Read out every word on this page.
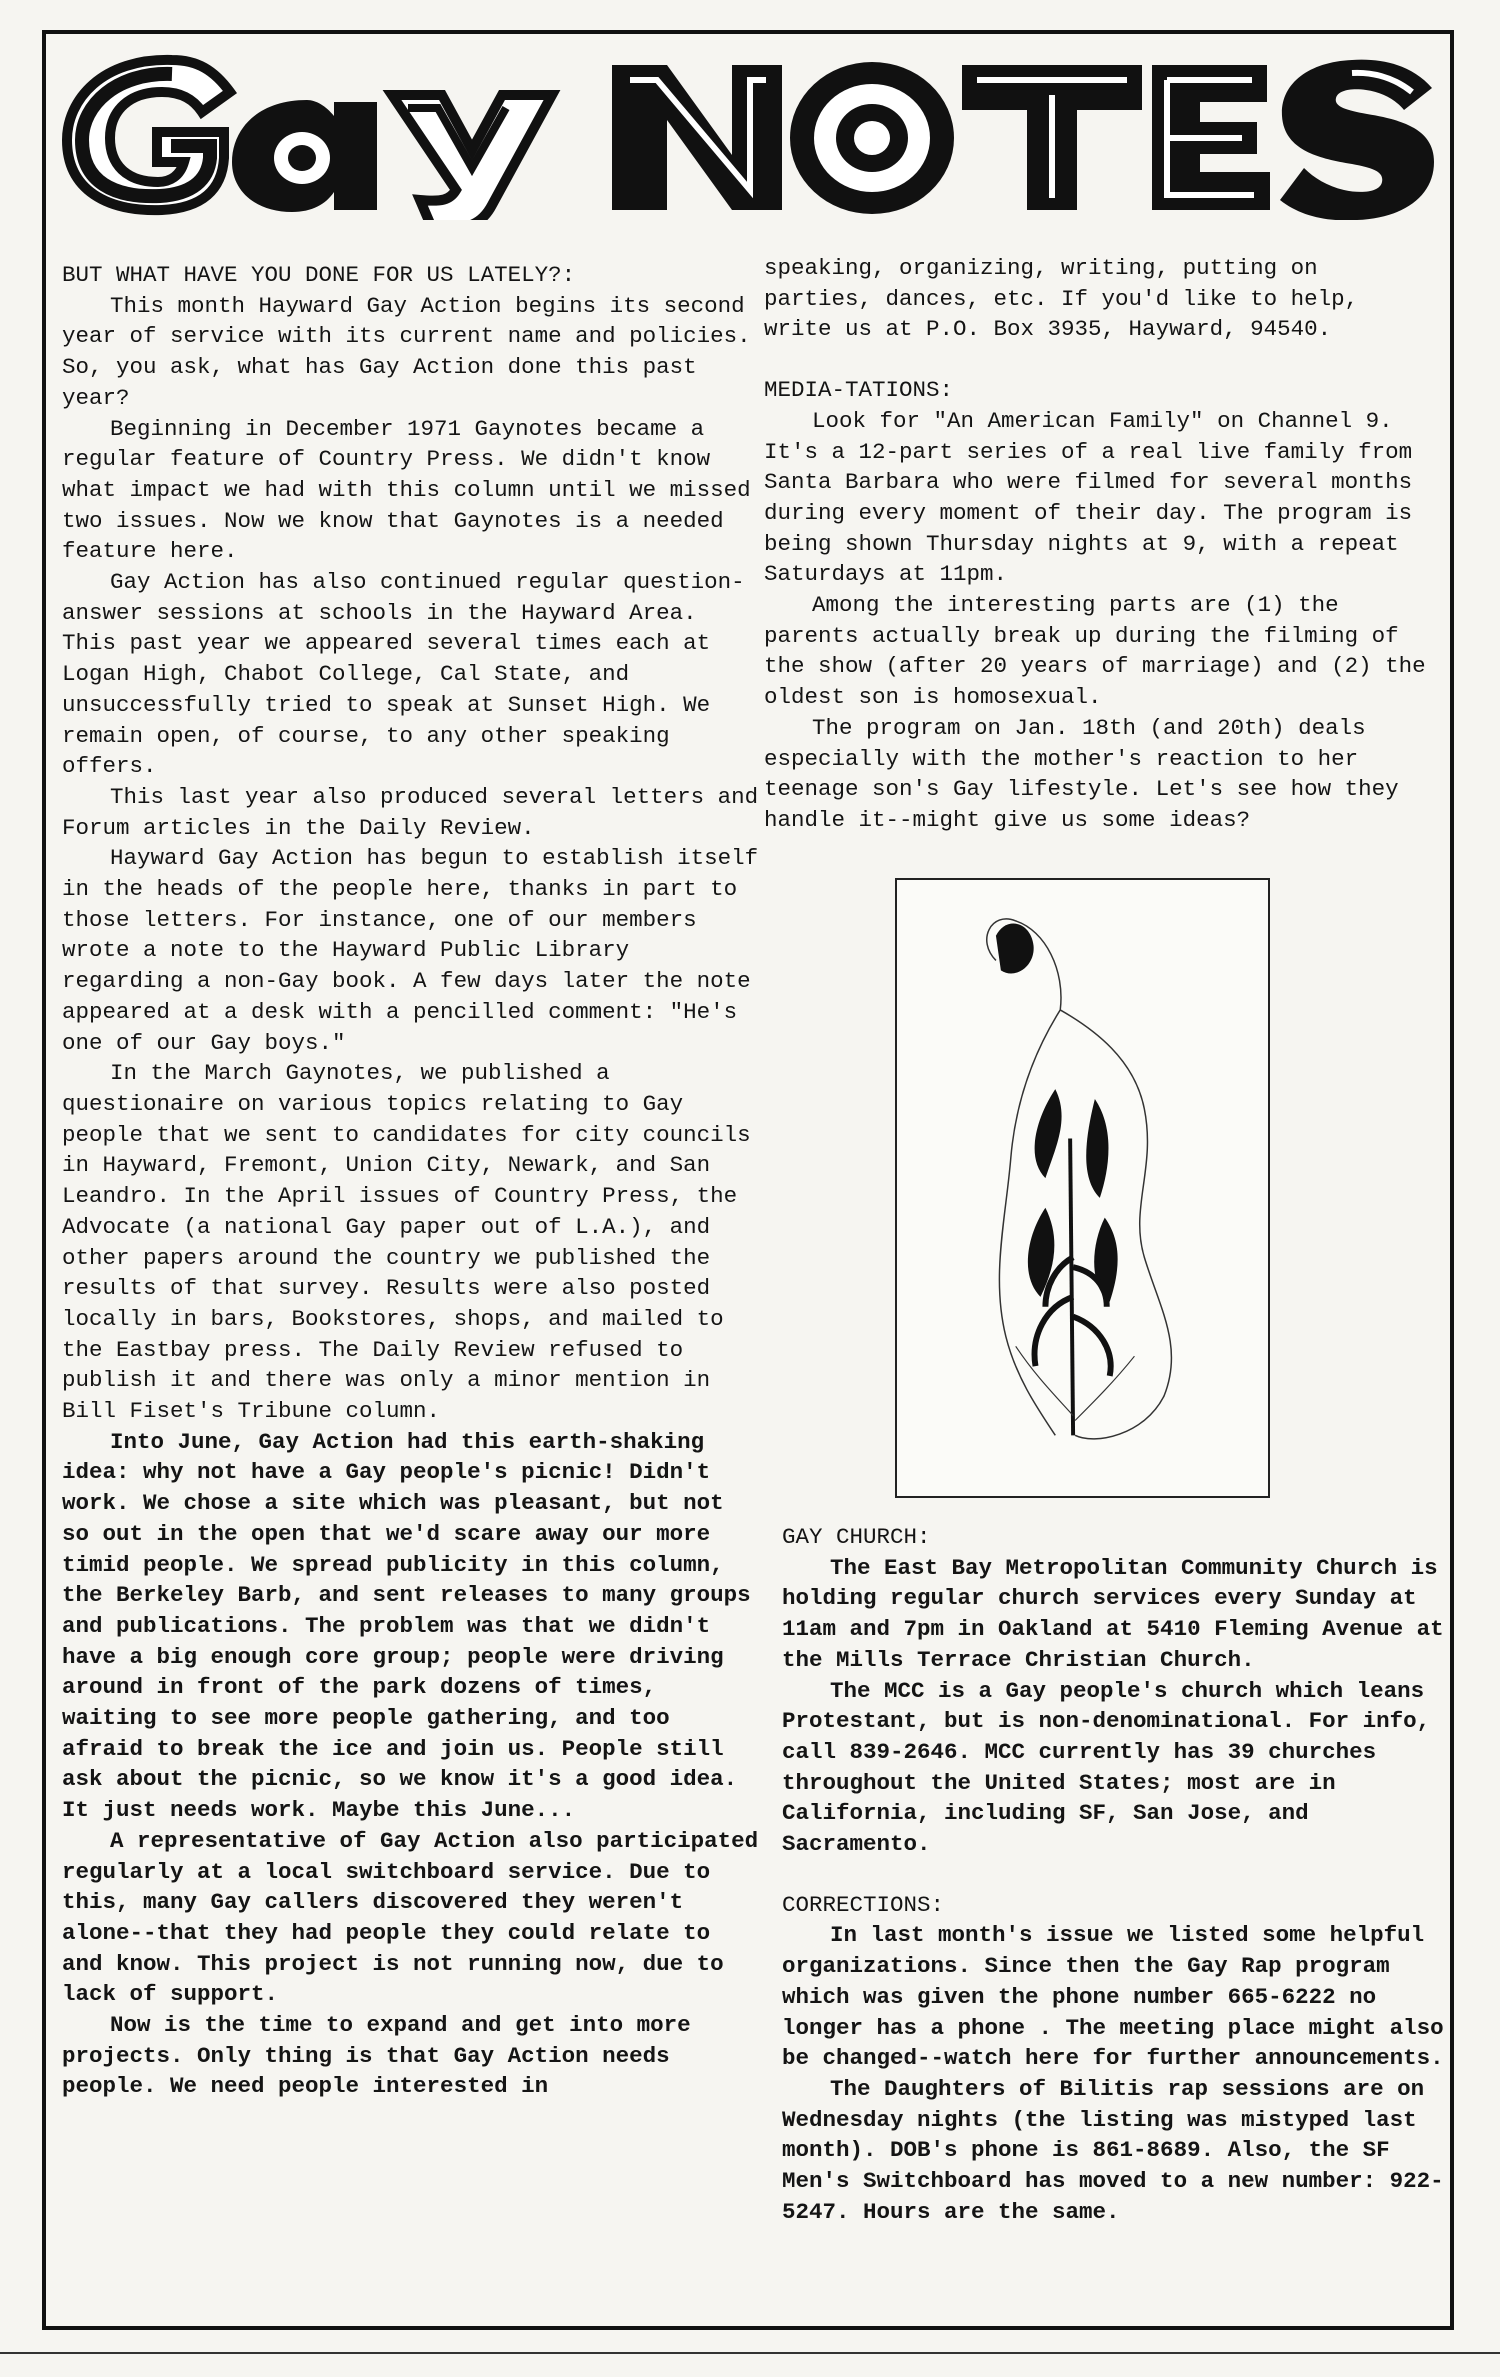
BUT WHAT HAVE YOU DONE FOR US LATELY?:

This month Hayward Gay Action begins its second year of service with its current name and policies. So, you ask, what has Gay Action done this past year?

Beginning in December 1971 Gaynotes became a regular feature of Country Press. We didn't know what impact we had with this column until we missed two issues. Now we know that Gaynotes is a needed feature here.

Gay Action has also continued regular question-answer sessions at schools in the Hayward Area. This past year we appeared several times each at Logan High, Chabot College, Cal State, and unsuccessfully tried to speak at Sunset High. We remain open, of course, to any other speaking offers.

This last year also produced several letters and Forum articles in the Daily Review.

Hayward Gay Action has begun to establish itself in the heads of the people here, thanks in part to those letters. For instance, one of our members wrote a note to the Hayward Public Library regarding a non-Gay book. A few days later the note appeared at a desk with a pencilled comment: "He's one of our Gay boys."

In the March Gaynotes, we published a questionaire on various topics relating to Gay people that we sent to candidates for city councils in Hayward, Fremont, Union City, Newark, and San Leandro. In the April issues of Country Press, the Advocate (a national Gay paper out of L.A.), and other papers around the country we published the results of that survey. Results were also posted locally in bars, Bookstores, shops, and mailed to the Eastbay press. The Daily Review refused to publish it and there was only a minor mention in Bill Fiset's Tribune column.

Into June, Gay Action had this earth-shaking idea: why not have a Gay people's picnic! Didn't work. We chose a site which was pleasant, but not so out in the open that we'd scare away our more timid people. We spread publicity in this column, the Berkeley Barb, and sent releases to many groups and publications. The problem was that we didn't have a big enough core group; people were driving around in front of the park dozens of times, waiting to see more people gathering, and too afraid to break the ice and join us. People still ask about the picnic, so we know it's a good idea. It just needs work. Maybe this June...

A representative of Gay Action also participated regularly at a local switchboard service. Due to this, many Gay callers discovered they weren't alone--that they had people they could relate to and know. This project is not running now, due to lack of support.

Now is the time to expand and get into more projects. Only thing is that Gay Action needs people. We need people interested in

speaking, organizing, writing, putting on parties, dances, etc. If you'd like to help, write us at P.O. Box 3935, Hayward, 94540.

MEDIA-TATIONS:

Look for "An American Family" on Channel 9. It's a 12-part series of a real live family from Santa Barbara who were filmed for several months during every moment of their day. The program is being shown Thursday nights at 9, with a repeat Saturdays at 11pm.

Among the interesting parts are (1) the parents actually break up during the filming of the show (after 20 years of marriage) and (2) the oldest son is homosexual.

The program on Jan. 18th (and 20th) deals especially with the mother's reaction to her teenage son's Gay lifestyle. Let's see how they handle it--might give us some ideas?

GAY CHURCH:

The East Bay Metropolitan Community Church is holding regular church services every Sunday at 11am and 7pm in Oakland at 5410 Fleming Avenue at the Mills Terrace Christian Church.

The MCC is a Gay people's church which leans Protestant, but is non-denominational. For info, call 839-2646. MCC currently has 39 churches throughout the United States; most are in California, including SF, San Jose, and Sacramento.

CORRECTIONS:

In last month's issue we listed some helpful organizations. Since then the Gay Rap program which was given the phone number 665-6222 no longer has a phone . The meeting place might also be changed--watch here for further announcements.

The Daughters of Bilitis rap sessions are on Wednesday nights (the listing was mistyped last month). DOB's phone is 861-8689. Also, the SF Men's Switchboard has moved to a new number: 922-5247. Hours are the same.
